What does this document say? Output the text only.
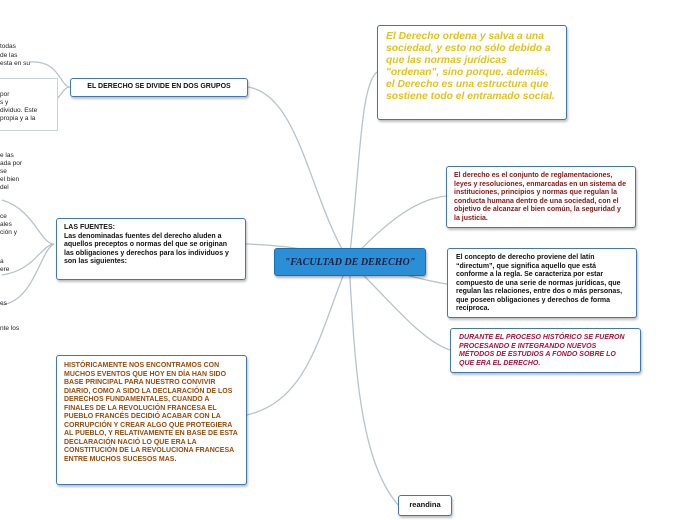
todas
de las
esta en su
por
s y
dividuo. Este
propia y a la
e las
ada por
se
el bien
del
ce
ales
ción y
a
ere
es
nte los
"FACULTAD DE DERECHO"
EL DERECHO SE DIVIDE EN DOS GRUPOS
LAS FUENTES:
Las denominadas fuentes del derecho aluden a aquellos preceptos o normas del que se originan las obligaciones y derechos para los individuos y son las siguientes:
HISTÓRICAMENTE NOS ENCONTRAMOS CON MUCHOS EVENTOS QUE HOY EN DÍA HAN SIDO BASE PRINCIPAL PARA NUESTRO CONVIVIR DIARIO, COMO A SIDO LA DECLARACIÓN DE LOS DERECHOS FUNDAMENTALES, CUANDO A FINALES DE LA REVOLUCIÓN FRANCESA EL PUEBLO FRANCÉS DECIDIÓ ACABAR CON LA CORRUPCIÓN Y CREAR ALGO QUE PROTEGIERA AL PUEBLO, Y RELATIVAMENTE EN BASE DE ESTA DECLARACIÓN NACIÓ LO QUE ERA LA CONSTITUCIÓN DE LA REVOLUCIONA FRANCESA ENTRE MUCHOS SUCESOS MAS.
El Derecho ordena y salva a una sociedad, y esto no sólo debido a que las normas jurídicas "ordenan", sino porque, además, el Derecho es una estructura que sostiene todo el entramado social.
El derecho es el conjunto de reglamentaciones, leyes y resoluciones, enmarcadas en un sistema de instituciones, principios y normas que regulan la conducta humana dentro de una sociedad, con el objetivo de alcanzar el bien común, la seguridad y la justicia.
El concepto de derecho proviene del latín “directum”, que significa aquello que está conforme a la regla. Se caracteriza por estar compuesto de una serie de normas jurídicas, que regulan las relaciones, entre dos o más personas, que poseen obligaciones y derechos de forma recíproca.
DURANTE EL PROCESO HISTÓRICO SE FUERON PROCESANDO E INTEGRANDO NUEVOS MÉTODOS DE ESTUDIOS A FONDO SOBRE LO QUE ERA EL DERECHO.
reandina
